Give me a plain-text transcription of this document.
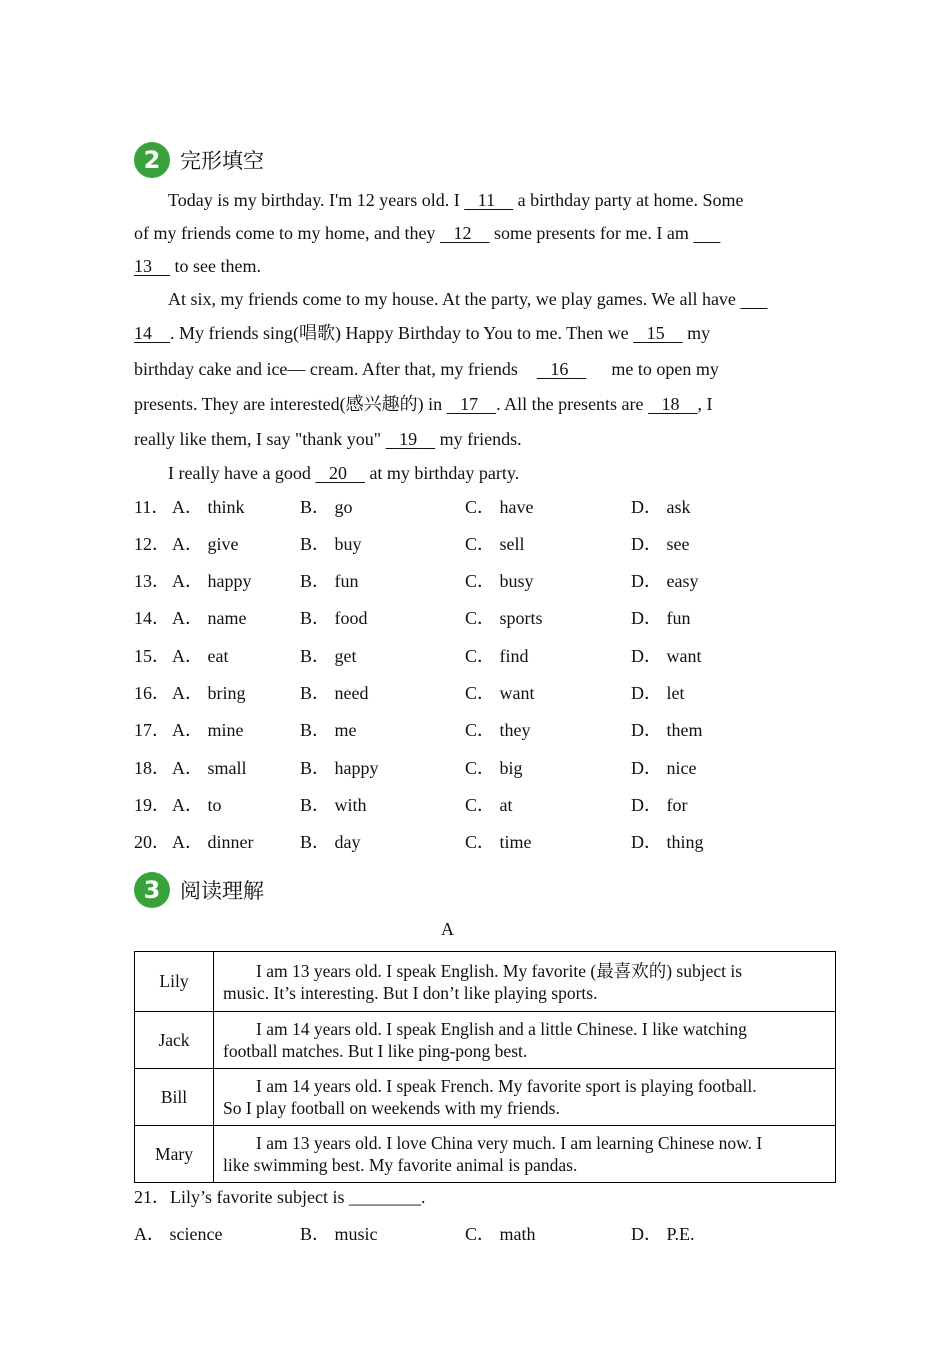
2 完形填空
Today is my birthday. I'm 12 years old. I 11 a birthday party at home. Some
of my friends come to my home, and they 12 some presents for me. I am
13 to see them.
At six, my friends come to my house. At the party, we play games. We all have
14 . My friends sing(唱歌) Happy Birthday to You to me. Then we 15 my
birthday cake and ice— cream. After that, my friends 16 me to open my
presents. They are interested(感兴趣的) in 17 . All the presents are 18 , I
really like them, I say "thank you" 19 my friends.
I really have a good 20 at my birthday party.
11． A． think	B． go	C． have	D． ask
12． A． give	B． buy	C． sell	D． see
13． A． happy	B． fun	C． busy	D． easy
14． A． name	B． food	C． sports	D． fun
15． A． eat	B． get	C． find	D． want
16． A． bring	B． need	C． want	D． let
17． A． mine	B． me	C． they	D． them
18． A． small	B． happy	C． big	D． nice
19． A． to	B． with	C． at	D． for
20． A． dinner	B． day	C． time	D． thing
3 阅读理解
A
Lily	I am 13 years old. I speak English. My favorite (最喜欢的) subject is
music. It’s interesting. But I don’t like playing sports.

Jack	I am 14 years old. I speak English and a little Chinese. I like watching
football matches. But I like ping-pong best.

Bill	I am 14 years old. I speak French. My favorite sport is playing football.
So I play football on weekends with my friends.

Mary	I am 13 years old. I love China very much. I am learning Chinese now. I
like swimming best. My favorite animal is pandas.
21．Lily’s favorite subject is ________.
A． science	B． music	C． math	D． P.E.
